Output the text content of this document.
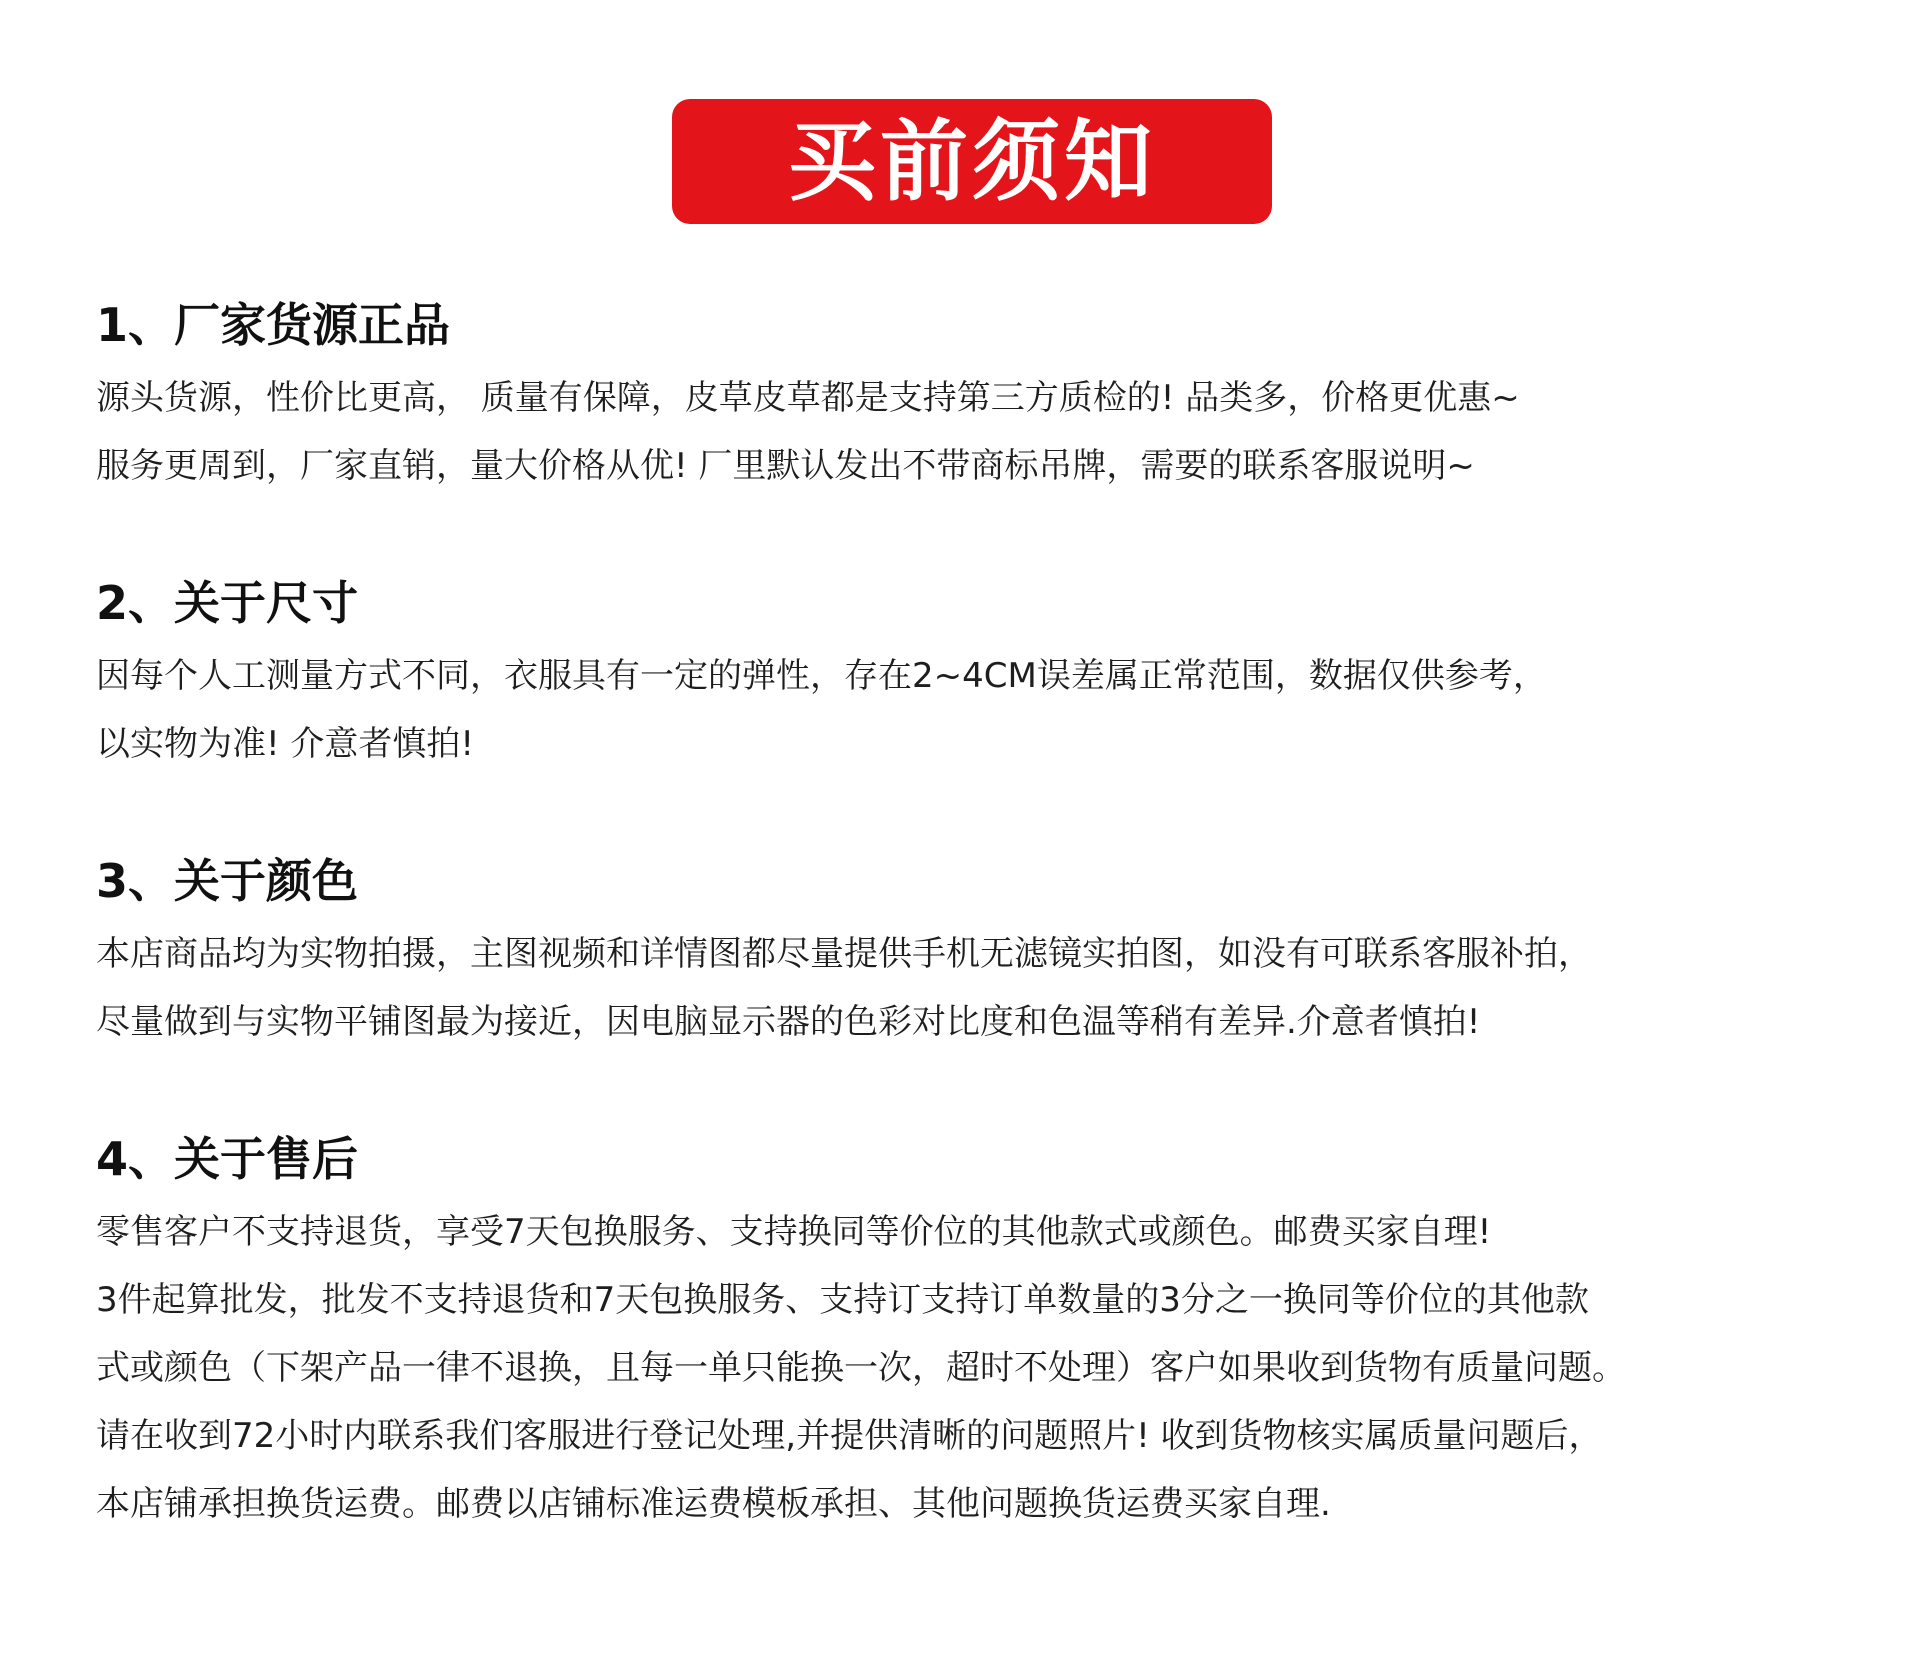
买前须知
1、厂家货源正品
源头货源，性价比更高， 质量有保障，皮草皮草都是支持第三方质检的! 品类多，价格更优惠~
服务更周到，厂家直销，量大价格从优! 厂里默认发出不带商标吊牌，需要的联系客服说明~
2、关于尺寸
因每个人工测量方式不同，衣服具有一定的弹性，存在2~4CM误差属正常范围，数据仅供参考，
以实物为准! 介意者慎拍!
3、关于颜色
本店商品均为实物拍摄，主图视频和详情图都尽量提供手机无滤镜实拍图，如没有可联系客服补拍，
尽量做到与实物平铺图最为接近，因电脑显示器的色彩对比度和色温等稍有差异.介意者慎拍!
4、关于售后
零售客户不支持退货，享受7天包换服务、支持换同等价位的其他款式或颜色。邮费买家自理!
3件起算批发，批发不支持退货和7天包换服务、支持订支持订单数量的3分之一换同等价位的其他款
式或颜色（下架产品一律不退换，且每一单只能换一次，超时不处理）客户如果收到货物有质量问题。
请在收到72小时内联系我们客服进行登记处理,并提供清晰的问题照片! 收到货物核实属质量问题后，
本店铺承担换货运费。邮费以店铺标准运费模板承担、其他问题换货运费买家自理.
